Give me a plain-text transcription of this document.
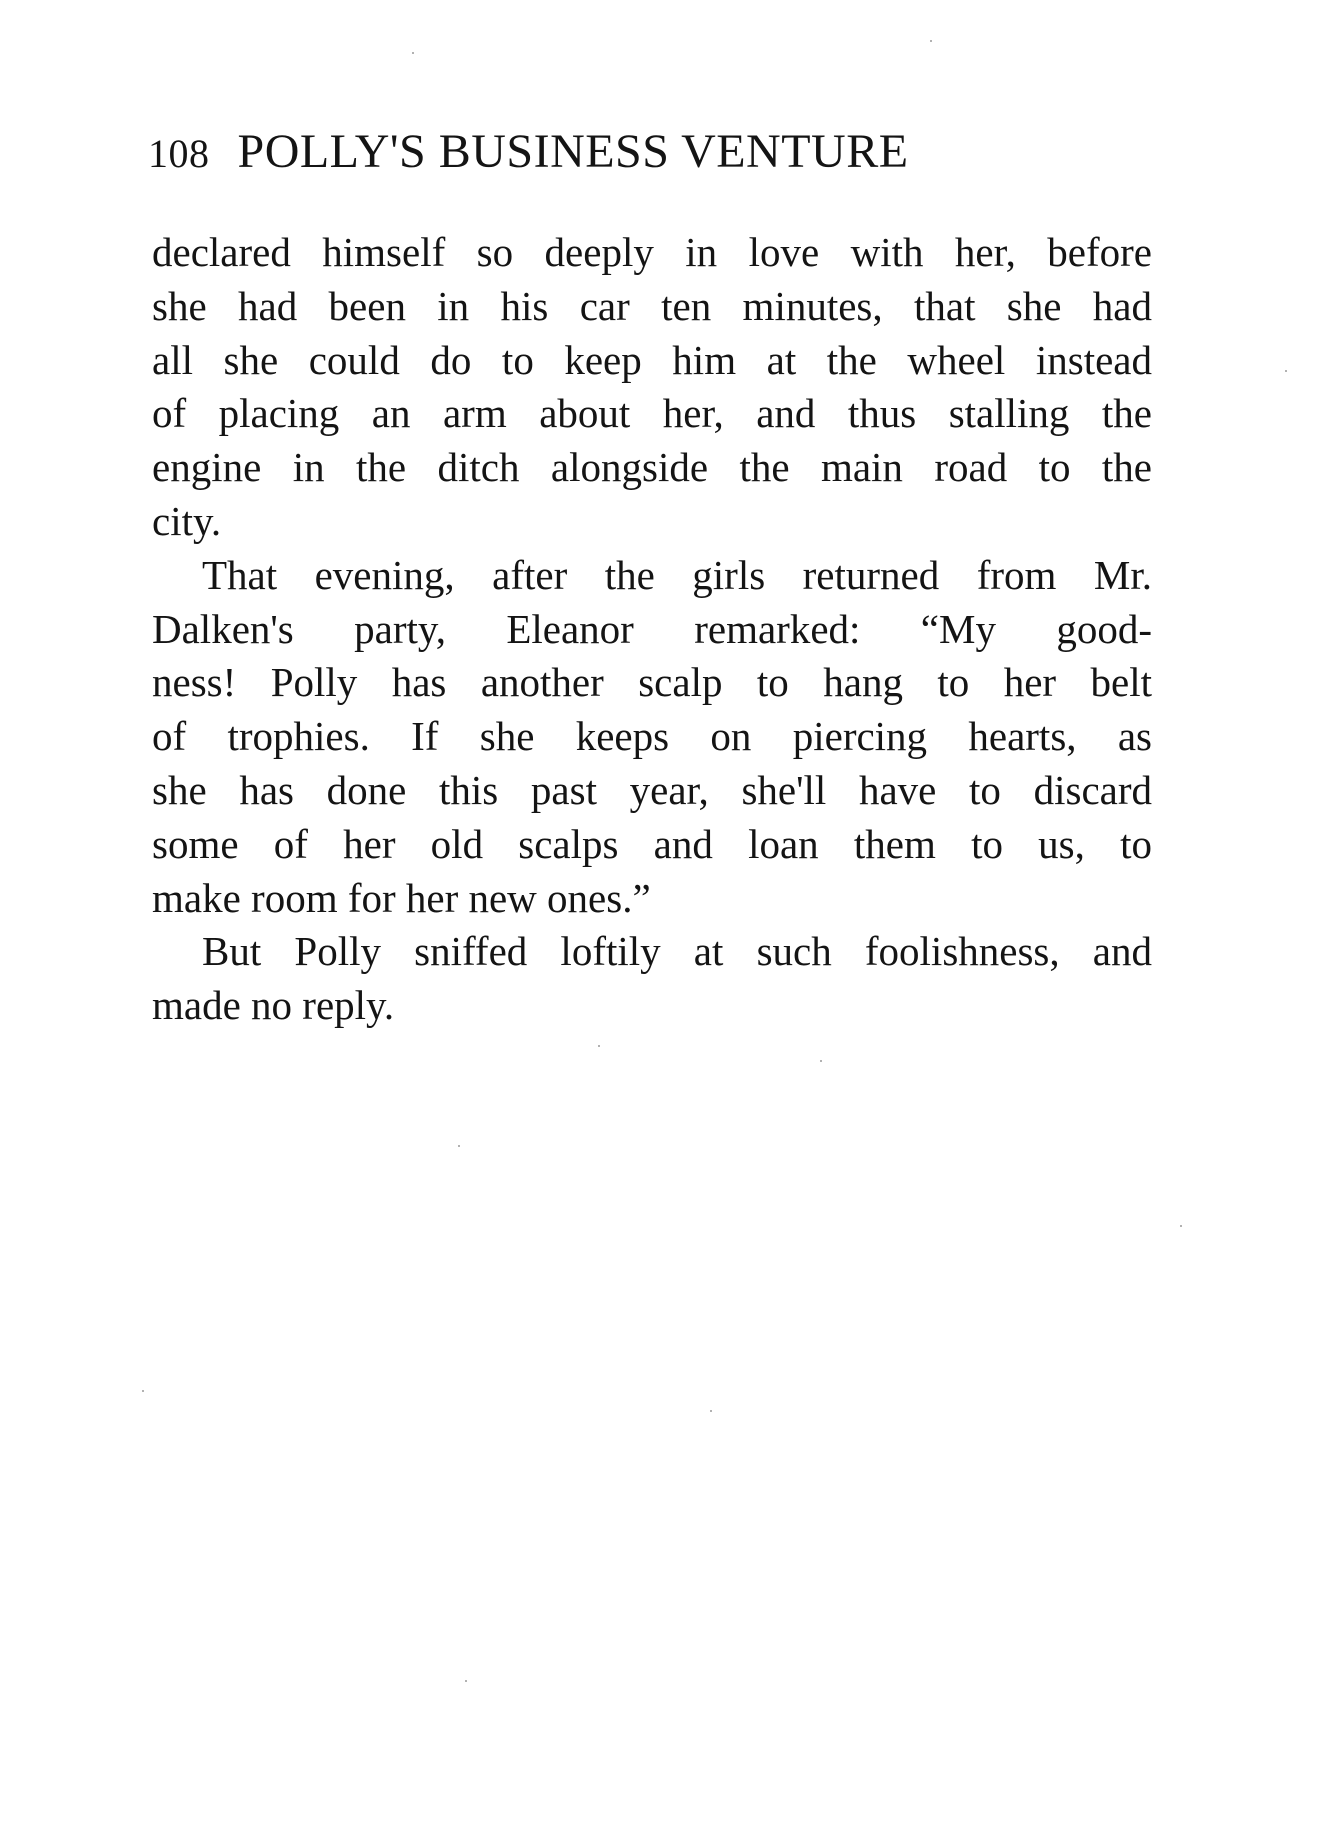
108 POLLY'S BUSINESS VENTURE
declared himself so deeply in love with her, before
she had been in his car ten minutes, that she had
all she could do to keep him at the wheel instead
of placing an arm about her, and thus stalling the
engine in the ditch alongside the main road to the
city.
That evening, after the girls returned from Mr.
Dalken's party, Eleanor remarked: “My good-
ness! Polly has another scalp to hang to her belt
of trophies. If she keeps on piercing hearts, as
she has done this past year, she'll have to discard
some of her old scalps and loan them to us, to
make room for her new ones.”
But Polly sniffed loftily at such foolishness, and
made no reply.
